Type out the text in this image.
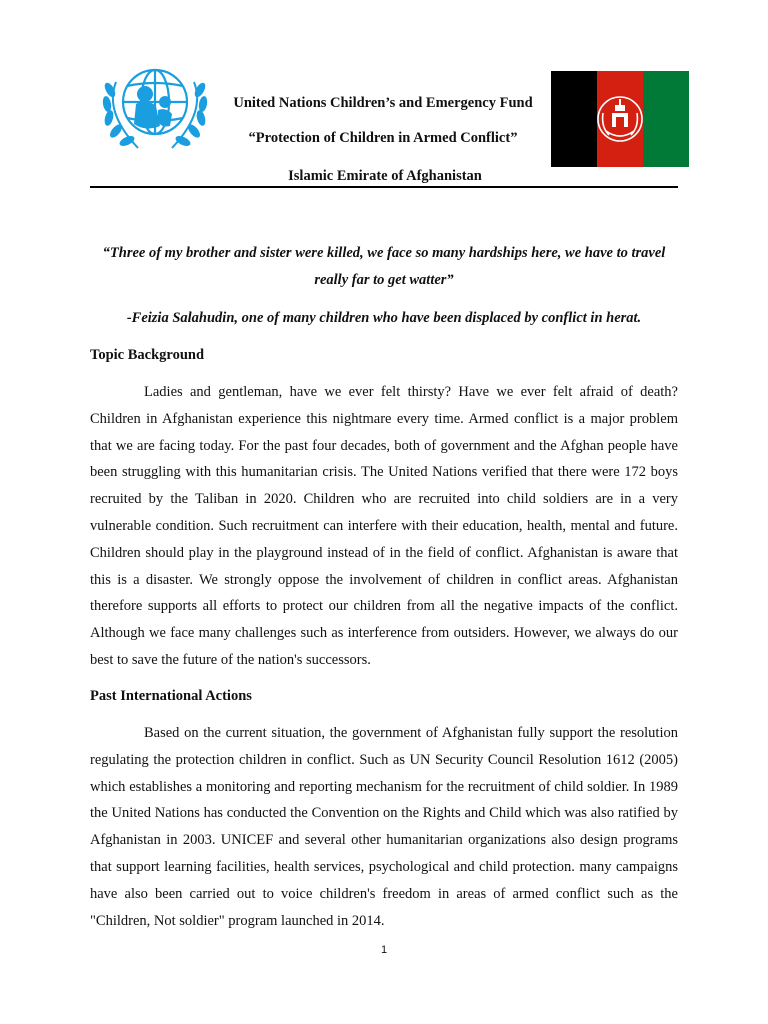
United Nations Children’s and Emergency Fund
“Protection of Children in Armed Conflict”
Islamic Emirate of Afghanistan
“Three of my brother and sister were killed, we face so many hardships here, we have to travel really far to get watter”
-Feizia Salahudin, one of many children who have been displaced by conflict in herat.
Topic Background

Ladies and gentleman, have we ever felt thirsty? Have we ever felt afraid of death? Children in Afghanistan experience this nightmare every time. Armed conflict is a major problem that we are facing today. For the past four decades, both of government and the Afghan people have been struggling with this humanitarian crisis. The United Nations verified that there were 172 boys recruited by the Taliban in 2020. Children who are recruited into child soldiers are in a very vulnerable condition. Such recruitment can interfere with their education, health, mental and future. Children should play in the playground instead of in the field of conflict. Afghanistan is aware that this is a disaster. We strongly oppose the involvement of children in conflict areas. Afghanistan therefore supports all efforts to protect our children from all the negative impacts of the conflict. Although we face many challenges such as interference from outsiders. However, we always do our best to save the future of the nation's successors.

Past International Actions

Based on the current situation, the government of Afghanistan fully support the resolution regulating the protection children in conflict. Such as UN Security Council Resolution 1612 (2005) which establishes a monitoring and reporting mechanism for the recruitment of child soldier. In 1989 the United Nations has conducted the Convention on the Rights and Child which was also ratified by Afghanistan in 2003. UNICEF and several other humanitarian organizations also design programs that support learning facilities, health services, psychological and child protection. many campaigns have also been carried out to voice children's freedom in areas of armed conflict such as the "Children, Not soldier" program launched in 2014.

1
